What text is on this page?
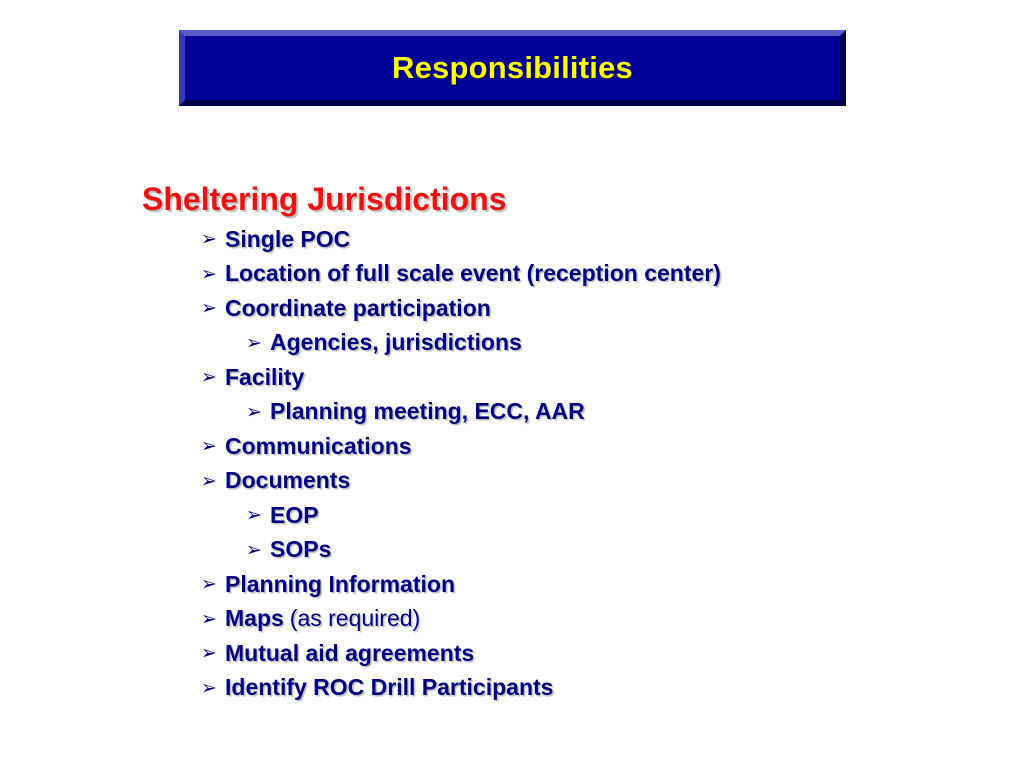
Responsibilities
Sheltering Jurisdictions
➢ Single POC
➢ Location of full scale event (reception center)
➢ Coordinate participation
➢ Agencies, jurisdictions
➢ Facility
➢ Planning meeting, ECC, AAR
➢ Communications
➢ Documents
➢ EOP
➢ SOPs
➢ Planning Information
➢ Maps (as required)
➢ Mutual aid agreements
➢ Identify ROC Drill Participants
